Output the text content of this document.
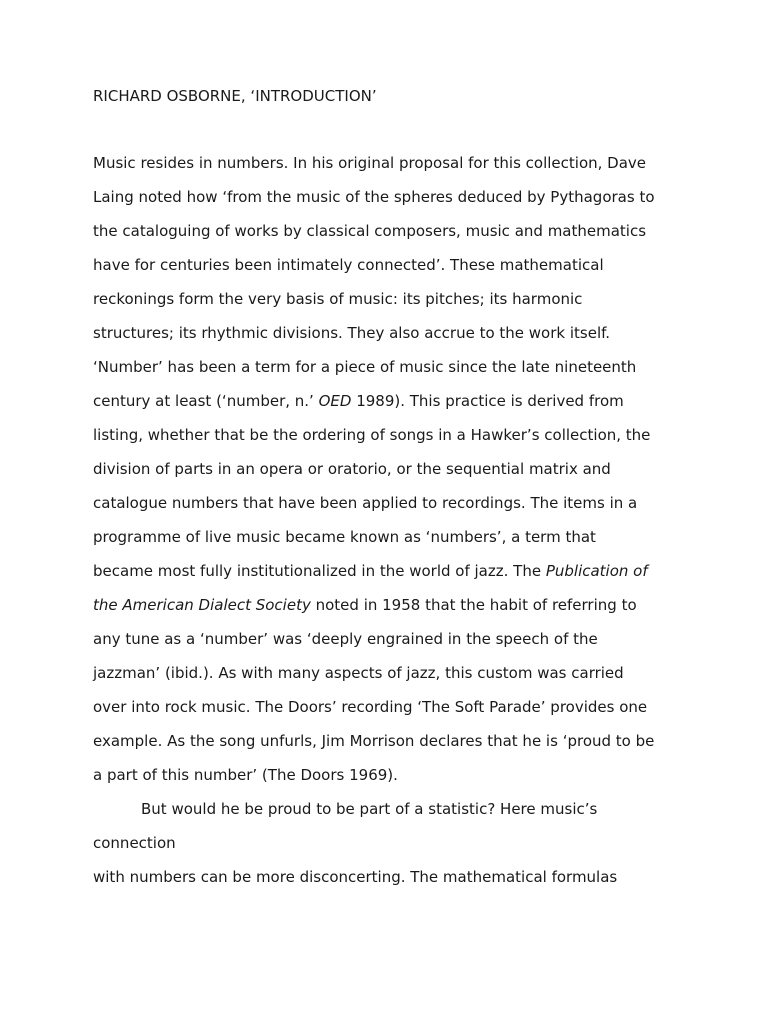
RICHARD OSBORNE, ‘INTRODUCTION’

Music resides in numbers. In his original proposal for this collection, Dave

Laing noted how ‘from the music of the spheres deduced by Pythagoras to

the cataloguing of works by classical composers, music and mathematics

have for centuries been intimately connected’. These mathematical

reckonings form the very basis of music: its pitches; its harmonic

structures; its rhythmic divisions. They also accrue to the work itself.

‘Number’ has been a term for a piece of music since the late nineteenth

century at least (‘number, n.’ OED 1989). This practice is derived from

listing, whether that be the ordering of songs in a Hawker’s collection, the

division of parts in an opera or oratorio, or the sequential matrix and

catalogue numbers that have been applied to recordings. The items in a

programme of live music became known as ‘numbers’, a term that

became most fully institutionalized in the world of jazz. The Publication of

the American Dialect Society noted in 1958 that the habit of referring to

any tune as a ‘number’ was ‘deeply engrained in the speech of the

jazzman’ (ibid.). As with many aspects of jazz, this custom was carried

over into rock music. The Doors’ recording ‘The Soft Parade’ provides one

example. As the song unfurls, Jim Morrison declares that he is ‘proud to be

a part of this number’ (The Doors 1969).

But would he be proud to be part of a statistic? Here music’s

connection

with numbers can be more disconcerting. The mathematical formulas
